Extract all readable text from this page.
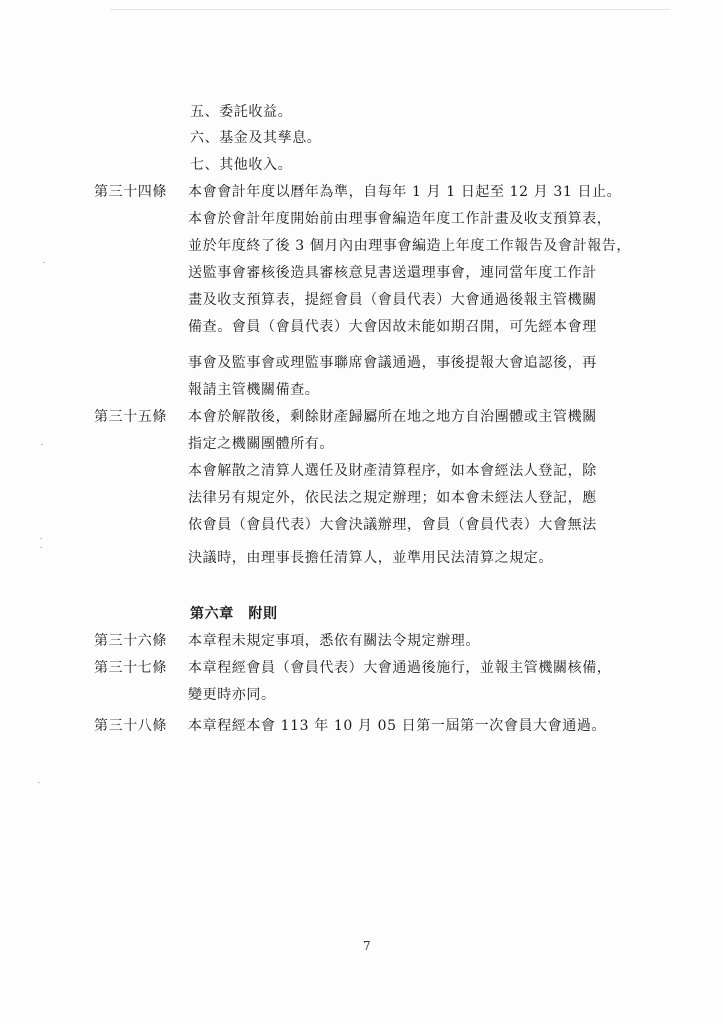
五、委託收益。
六、基金及其孳息。
七、其他收入。
第三十四條 本會會計年度以曆年為準，自每年 1 月 1 日起至 12 月 31 日止。
本會於會計年度開始前由理事會編造年度工作計畫及收支預算表，
並於年度終了後 3 個月內由理事會編造上年度工作報告及會計報告，
送監事會審核後造具審核意見書送還理事會，連同當年度工作計
畫及收支預算表，提經會員（會員代表）大會通過後報主管機關
備查。會員（會員代表）大會因故未能如期召開，可先經本會理
事會及監事會或理監事聯席會議通過，事後提報大會追認後，再
報請主管機關備查。
第三十五條 本會於解散後，剩餘財產歸屬所在地之地方自治團體或主管機關
指定之機關團體所有。
本會解散之清算人選任及財產清算程序，如本會經法人登記，除
法律另有規定外，依民法之規定辦理；如本會未經法人登記，應
依會員（會員代表）大會決議辦理，會員（會員代表）大會無法
決議時，由理事長擔任清算人，並準用民法清算之規定。
第六章　附則
第三十六條 本章程未規定事項，悉依有關法令規定辦理。
第三十七條 本章程經會員（會員代表）大會通過後施行，並報主管機關核備，
變更時亦同。
第三十八條 本章程經本會 113 年 10 月 05 日第一屆第一次會員大會通過。
7
